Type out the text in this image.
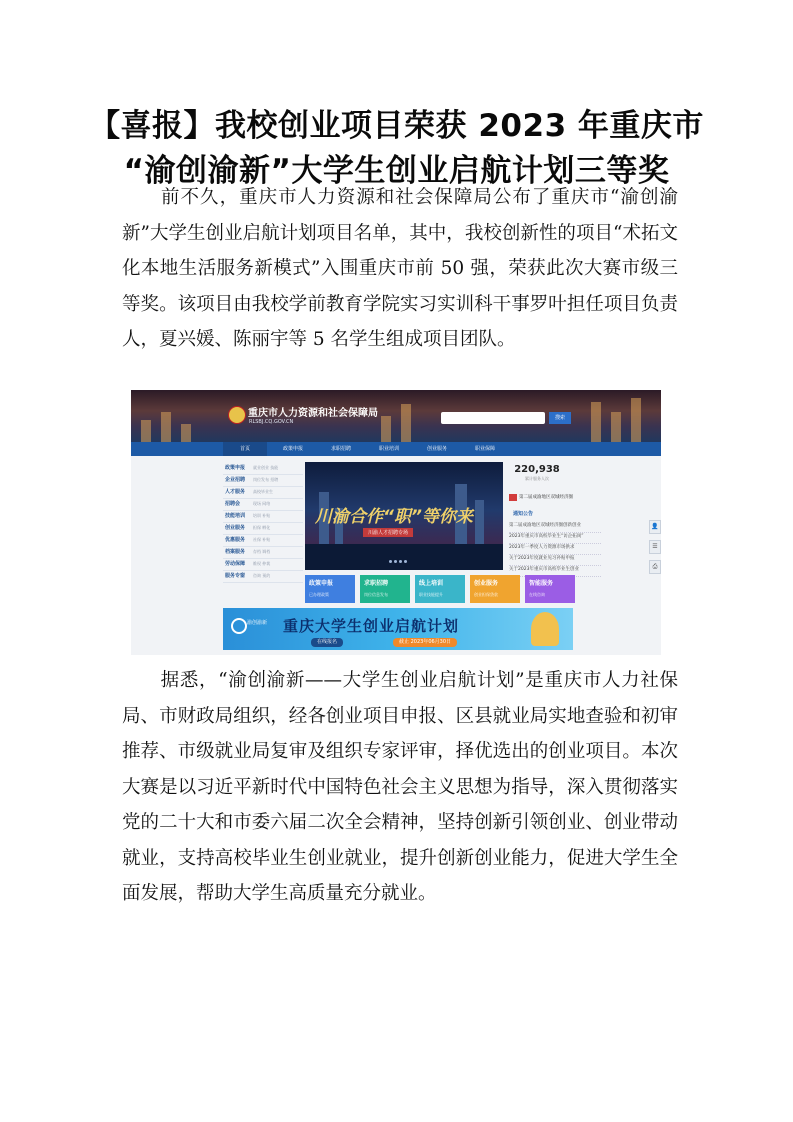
【喜报】我校创业项目荣获 2023 年重庆市
“渝创渝新”大学生创业启航计划三等奖
前不久，重庆市人力资源和社会保障局公布了重庆市“渝创渝新”大学生创业启航计划项目名单，其中，我校创新性的项目“术拓文化本地生活服务新模式”入围重庆市前 50 强，荣获此次大赛市级三等奖。该项目由我校学前教育学院实习实训科干事罗叶担任项目负责人，夏兴媛、陈丽宇等 5 名学生组成项目团队。
重庆市人力资源和社会保障局
RLSBJ.CQ.GOV.CN
搜索
首页	政策申报	求职招聘	职业培训	创业服务	职业保障
政策申报 就业创业 技能
企业招聘 岗位发布 招聘
人才服务 高校毕业生
招聘会	现场 网络
技能培训 培训 补贴
创业服务 担保 孵化
优惠服务 社保 补贴
档案服务 存档 调档
劳动保障 维权 仲裁
服务专窗 咨询 预约
川渝合作“职”等你来
川渝人才招聘专场
220,938
累计服务人次
第二届成渝地区双城经济圈
通知公告
第二届成渝地区双城经济圈创新创业
2023年重庆市高校毕业生“访企拓岗”
2023年一季度人力资源市场供求
关于2023年度就业见习补贴申报
关于2023年重庆市高校毕业生创业
政策申报
已办理政策
求职招聘
岗位信息发布
线上培训
职业技能提升
创业服务
创业担保贷款
智能服务
在线咨询
渝创渝新 重庆大学生创业启航计划
在线报名	截止 2023年06月30日
👤
☰
⎙
据悉，“渝创渝新——大学生创业启航计划”是重庆市人力社保局、市财政局组织，经各创业项目申报、区县就业局实地查验和初审推荐、市级就业局复审及组织专家评审，择优选出的创业项目。本次大赛是以习近平新时代中国特色社会主义思想为指导，深入贯彻落实党的二十大和市委六届二次全会精神，坚持创新引领创业、创业带动就业，支持高校毕业生创业就业，提升创新创业能力，促进大学生全面发展，帮助大学生高质量充分就业。
